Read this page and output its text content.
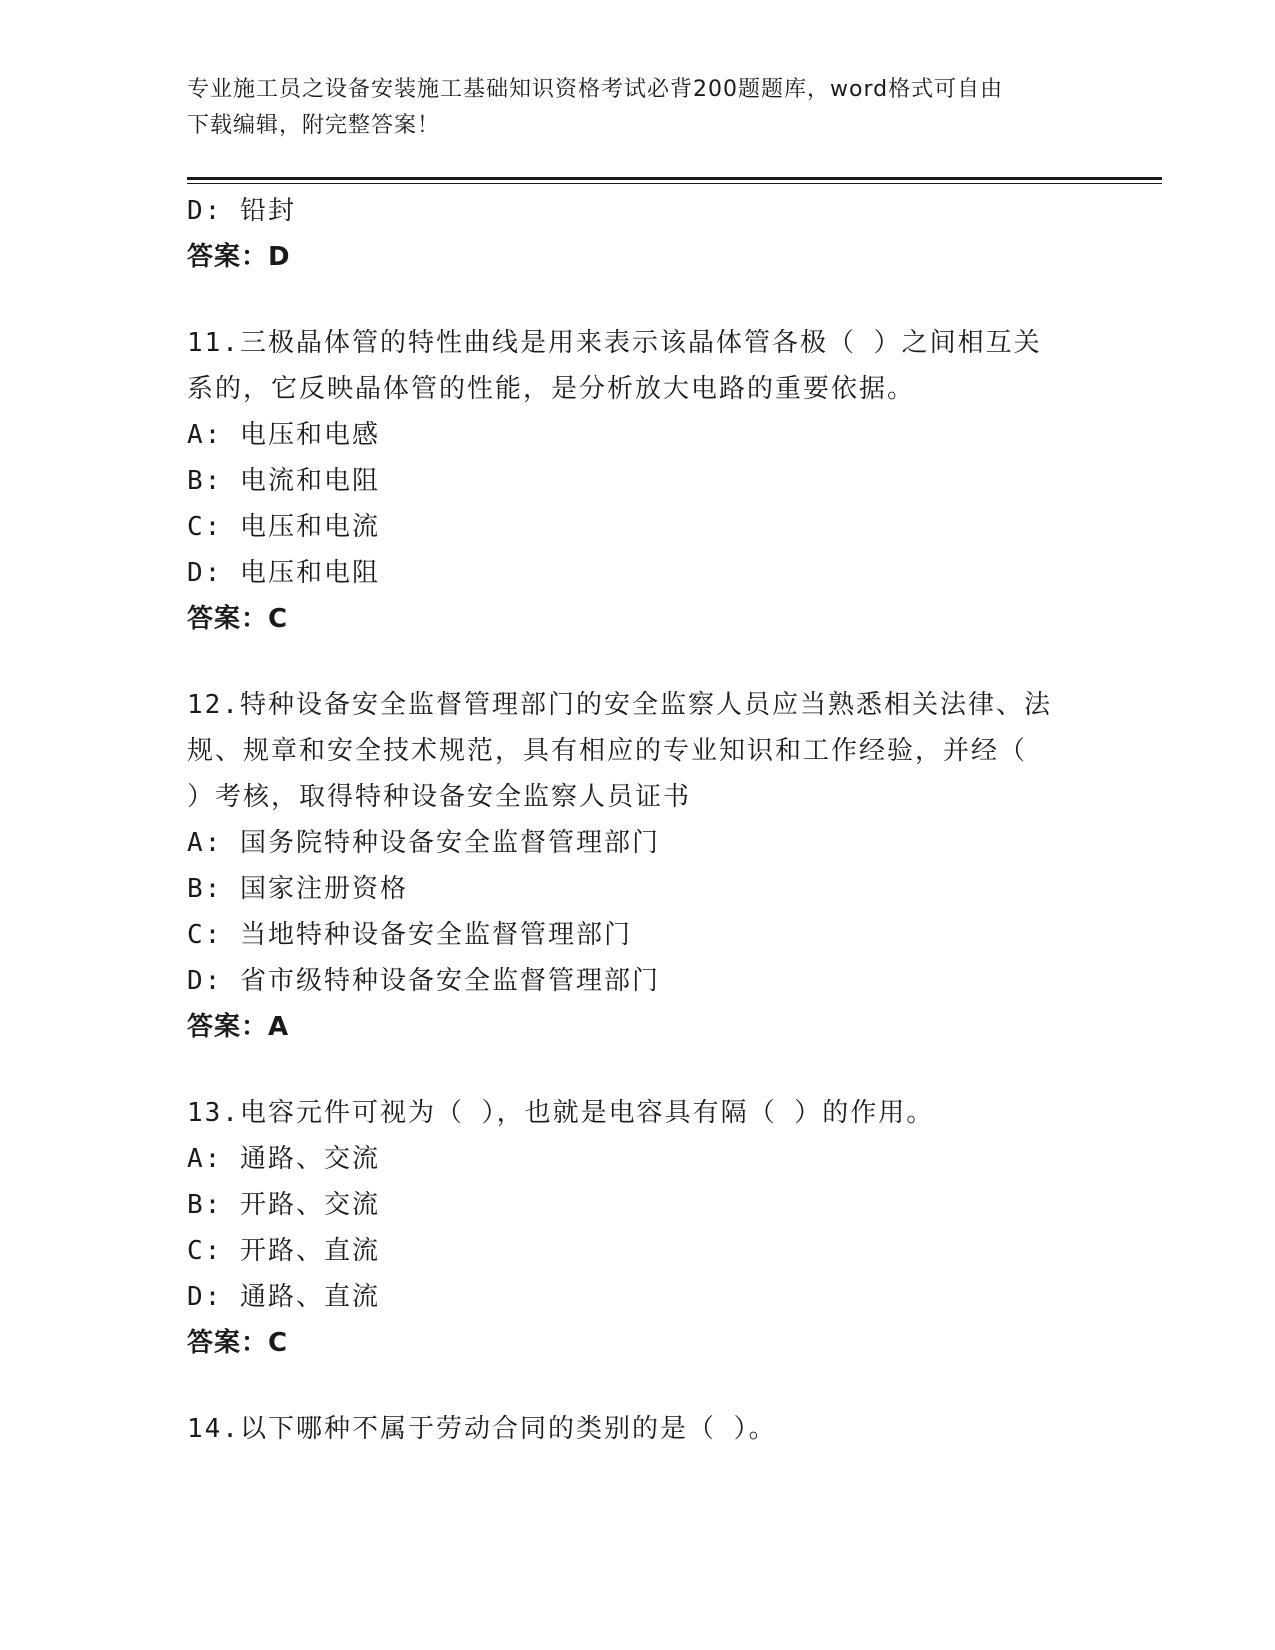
专业施工员之设备安装施工基础知识资格考试必背200题题库，word格式可自由
下载编辑，附完整答案！
D: 铅封
答案：D
11.三极晶体管的特性曲线是用来表示该晶体管各极（ ）之间相互关
系的，它反映晶体管的性能，是分析放大电路的重要依据。
A: 电压和电感
B: 电流和电阻
C: 电压和电流
D: 电压和电阻
答案：C
12.特种设备安全监督管理部门的安全监察人员应当熟悉相关法律、法
规、规章和安全技术规范，具有相应的专业知识和工作经验，并经（
）考核，取得特种设备安全监察人员证书
A: 国务院特种设备安全监督管理部门
B: 国家注册资格
C: 当地特种设备安全监督管理部门
D: 省市级特种设备安全监督管理部门
答案：A
13.电容元件可视为（ ），也就是电容具有隔（ ）的作用。
A: 通路、交流
B: 开路、交流
C: 开路、直流
D: 通路、直流
答案：C
14.以下哪种不属于劳动合同的类别的是（ ）。
